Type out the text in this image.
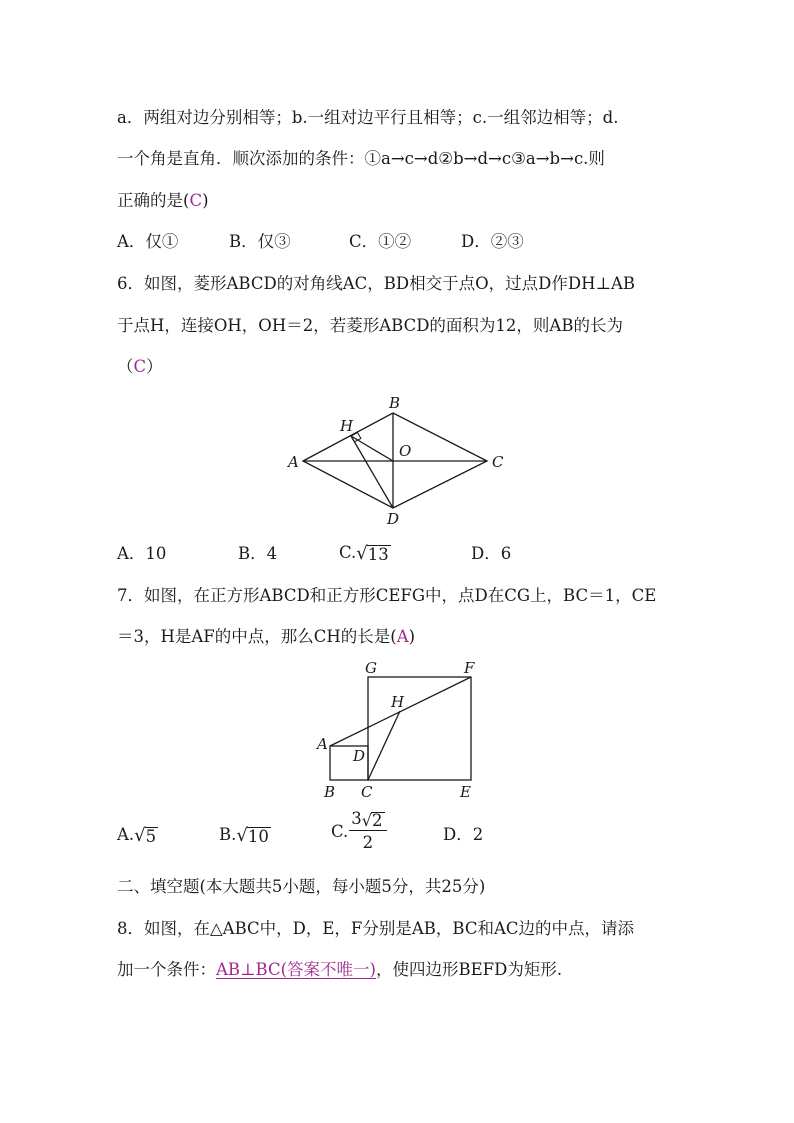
a．两组对边分别相等；b.一组对边平行且相等；c.一组邻边相等；d.
一个角是直角．顺次添加的条件：①a→c→d②b→d→c③a→b→c.则
正确的是(C)
A．仅①	B．仅③	C．①②	D．②③
6．如图，菱形ABCD的对角线AC，BD相交于点O，过点D作DH⊥AB
于点H，连接OH，OH＝2，若菱形ABCD的面积为12，则AB的长为
（C）
B
H
A
O
C
D
A．10	B．4	C.√13	D．6
7．如图，在正方形ABCD和正方形CEFG中，点D在CG上，BC＝1，CE
＝3，H是AF的中点，那么CH的长是(A)
G	F
H
A
D
B C	E
A.√5	B.√10	C. $\frac{3√2}{2}$	D．2
二、填空题(本大题共5小题，每小题5分，共25分)
8．如图，在△ABC中，D，E，F分别是AB，BC和AC边的中点，请添
加一个条件：AB⊥BC(答案不唯一)，使四边形BEFD为矩形.
